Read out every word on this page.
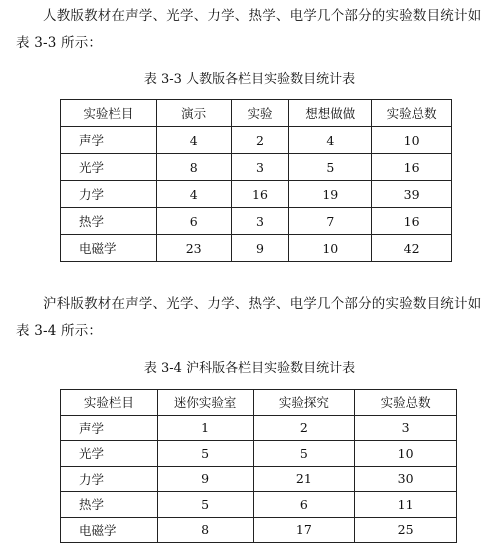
人教版教材在声学、光学、力学、热学、电学几个部分的实验数目统计如表 3-3 所示：

表 3-3 人教版各栏目实验数目统计表

实验栏目	演示	实验	想想做做	实验总数
声学	4	2	4	10
光学	8	3	5	16
力学	4	16	19	39
热学	6	3	7	16
电磁学	23	9	10	42

沪科版教材在声学、光学、力学、热学、电学几个部分的实验数目统计如表 3-4 所示：

表 3-4 沪科版各栏目实验数目统计表

实验栏目	迷你实验室	实验探究	实验总数
声学	1	2	3
光学	5	5	10
力学	9	21	30
热学	5	6	11
电磁学	8	17	25
